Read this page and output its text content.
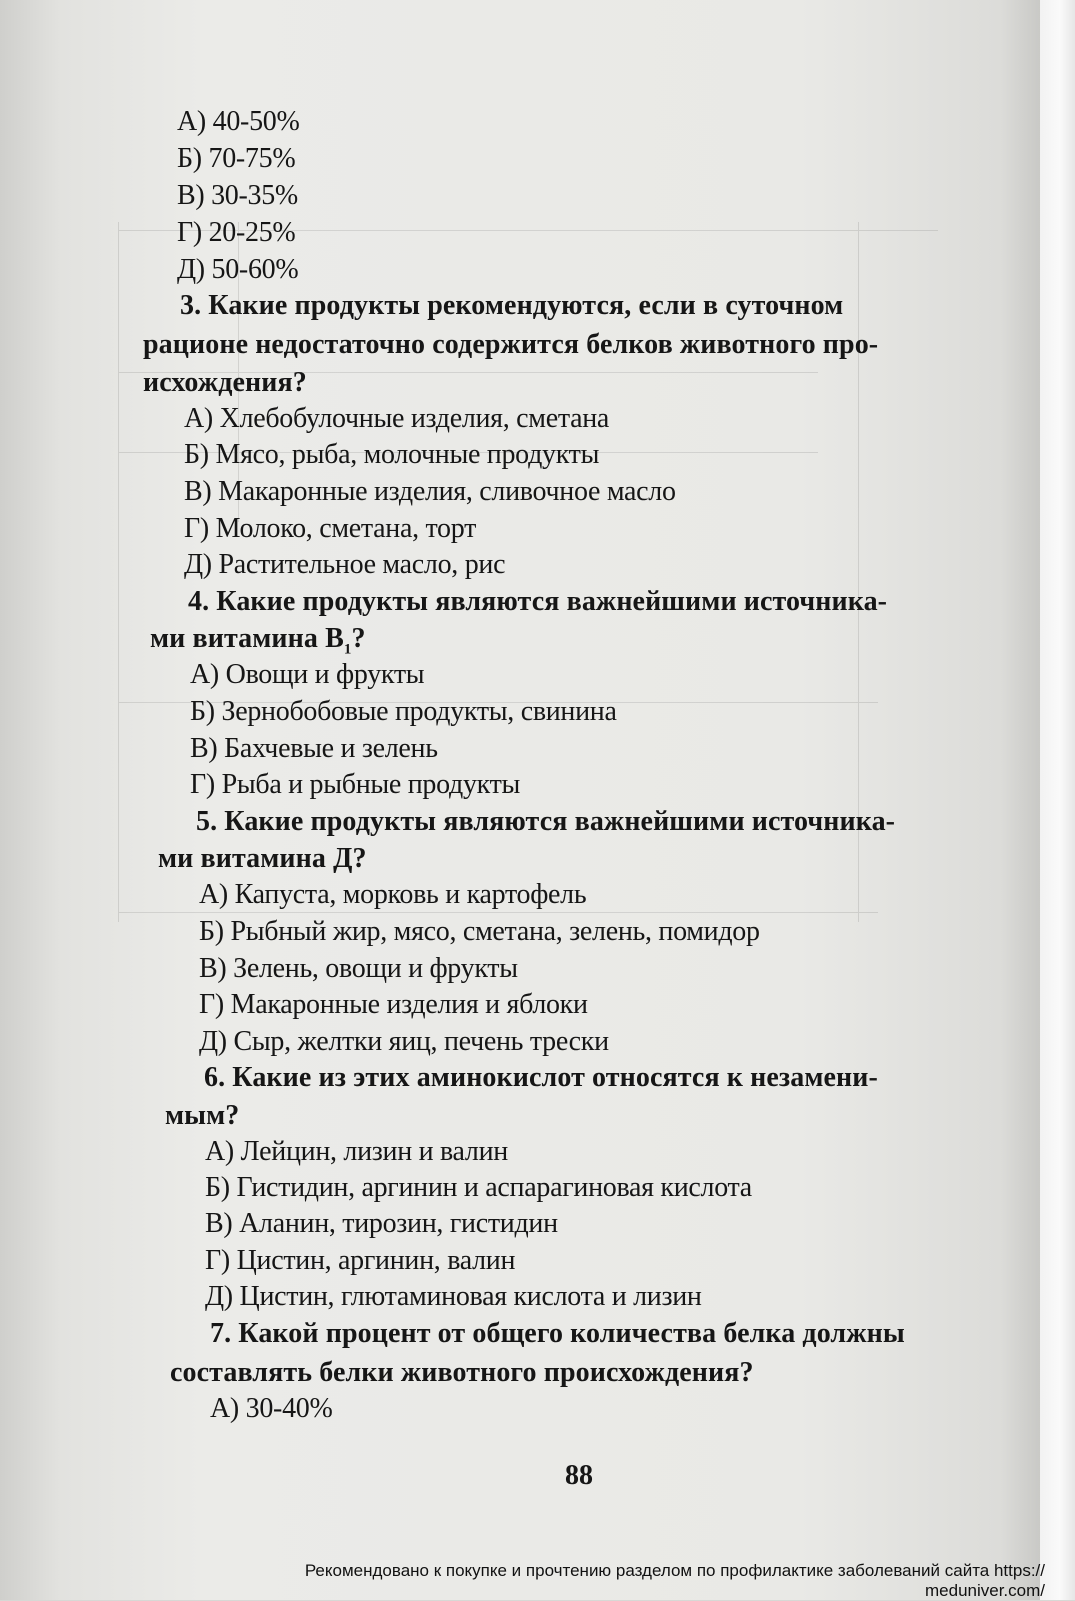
А) 40-50%
Б) 70-75%
В) 30-35%
Г) 20-25%
Д) 50-60%
3. Какие продукты рекомендуются, если в суточном
рационе недостаточно содержится белков животного про-
исхождения?
А) Хлебобулочные изделия, сметана
Б) Мясо, рыба, молочные продукты
В) Макаронные изделия, сливочное масло
Г) Молоко, сметана, торт
Д) Растительное масло, рис
4. Какие продукты являются важнейшими источника-
ми витамина $В_1$?
А) Овощи и фрукты
Б) Зернобобовые продукты, свинина
В) Бахчевые и зелень
Г) Рыба и рыбные продукты
5. Какие продукты являются важнейшими источника-
ми витамина Д?
А) Капуста, морковь и картофель
Б) Рыбный жир, мясо, сметана, зелень, помидор
В) Зелень, овощи и фрукты
Г) Макаронные изделия и яблоки
Д) Сыр, желтки яиц, печень трески
6. Какие из этих аминокислот относятся к незамени-
мым?
А) Лейцин, лизин и валин
Б) Гистидин, аргинин и аспарагиновая кислота
В) Аланин, тирозин, гистидин
Г) Цистин, аргинин, валин
Д) Цистин, глютаминовая кислота и лизин
7. Какой процент от общего количества белка должны
составлять белки животного происхождения?
А) 30-40%
88
Рекомендовано к покупке и прочтению разделом по профилактике заболеваний сайта https://
meduniver.com/
